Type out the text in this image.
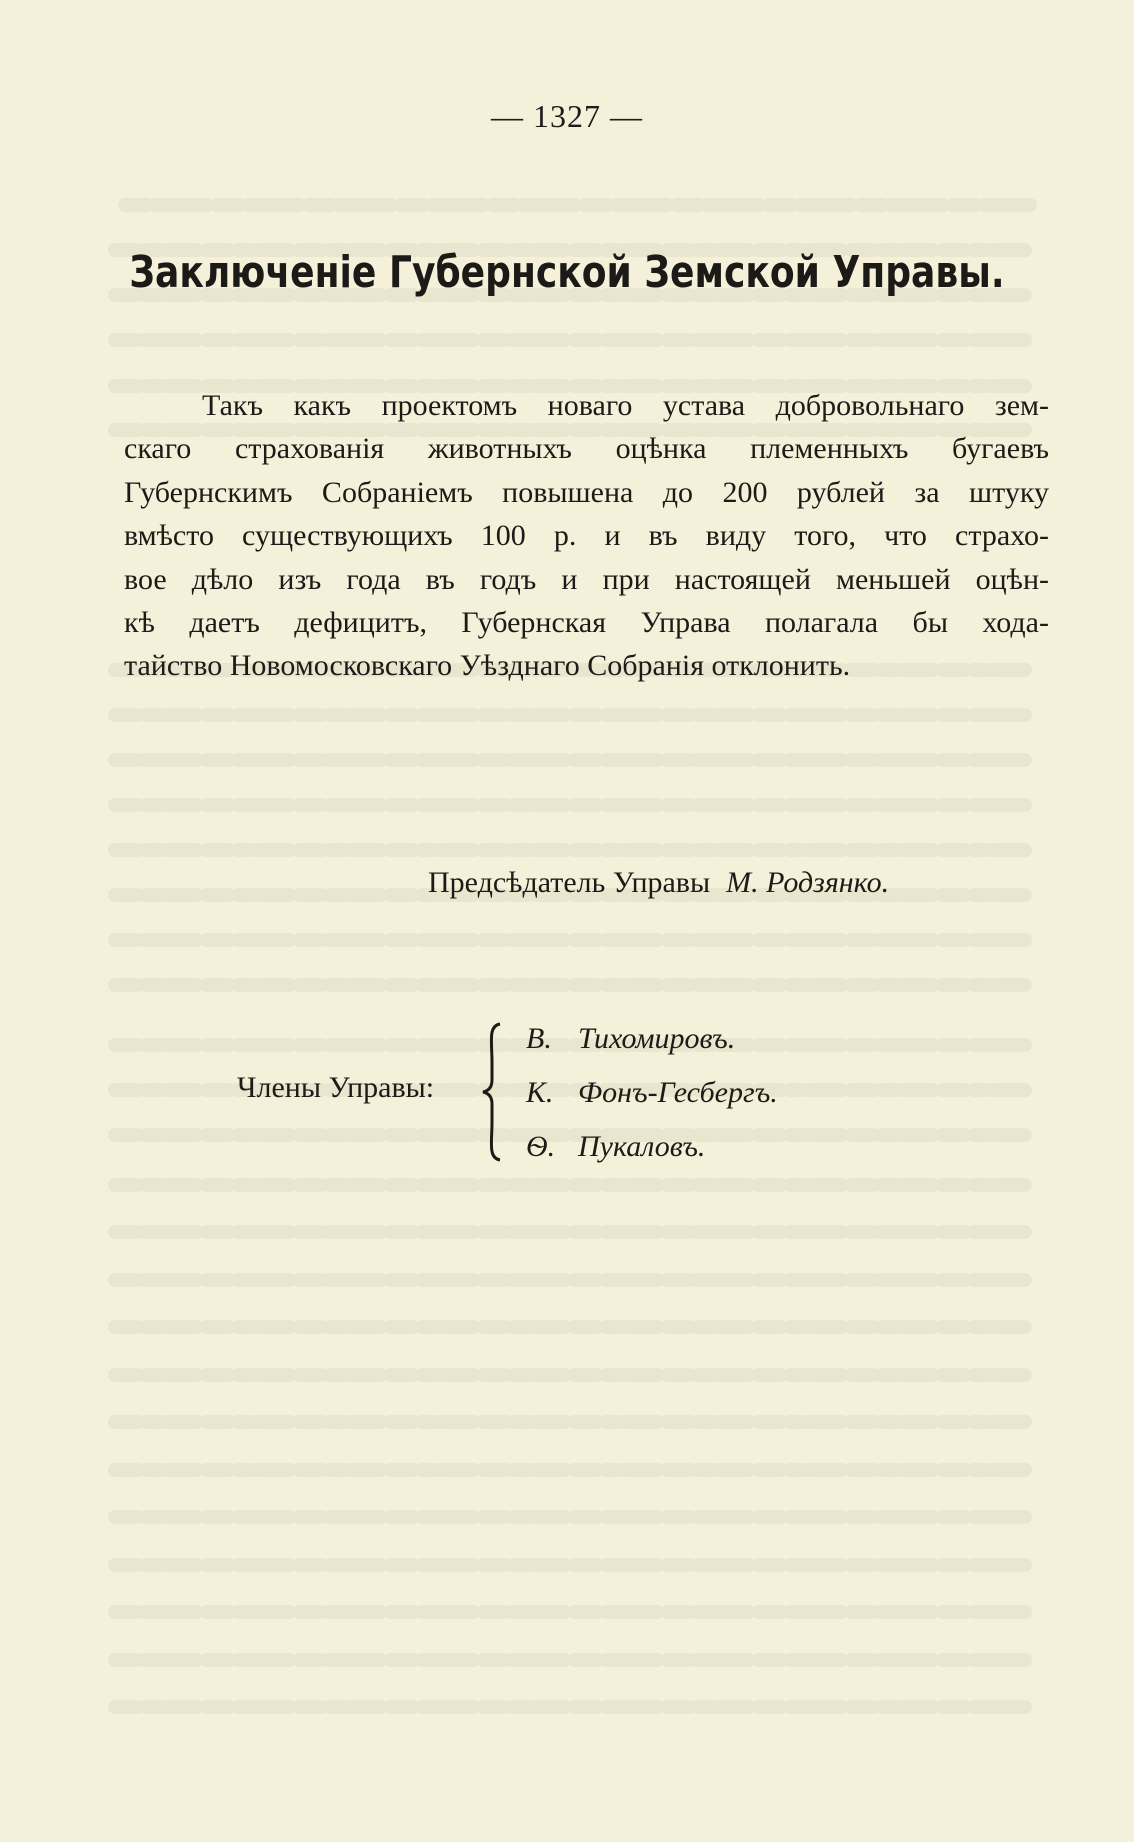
— 1327 —
Заключенiе Губернской Земской Управы.
Такъ какъ проектомъ новаго устава добровольнаго зем-
скаго страхованiя животныхъ оцѣнка племенныхъ бугаевъ
Губернскимъ Собранiемъ повышена до 200 рублей за штуку
вмѣсто существующихъ 100 р. и въ виду того, что страхо-
вое дѣло изъ года въ годъ и при настоящей меньшей оцѣн-
кѣ даетъ дефицитъ, Губернская Управа полагала бы хода-
тайство Новомосковскаго Уѣзднаго Собранiя отклонить.
Предсѣдатель Управы М. Родзянко.
Члены Управы:
В. Тихомировъ.
К. Фонъ-Гесбергъ.
Ѳ. Пукаловъ.
